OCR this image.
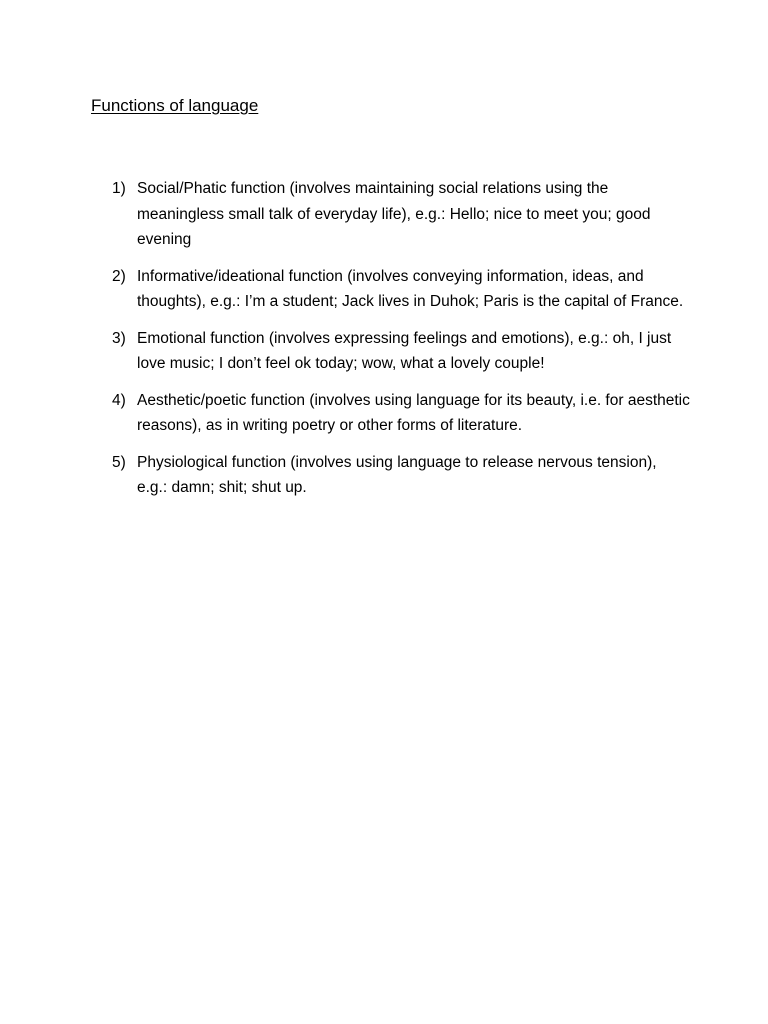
Functions of language
1) Social/Phatic function (involves maintaining social relations using the meaningless small talk of everyday life), e.g.: Hello; nice to meet you; good evening
2) Informative/ideational function (involves conveying information, ideas, and thoughts), e.g.: I’m a student; Jack lives in Duhok; Paris is the capital of France.
3) Emotional function (involves expressing feelings and emotions), e.g.: oh, I just love music; I don’t feel ok today; wow, what a lovely couple!
4) Aesthetic/poetic function (involves using language for its beauty, i.e. for aesthetic reasons), as in writing poetry or other forms of literature.
5) Physiological function (involves using language to release nervous tension), e.g.: damn; shit; shut up.
